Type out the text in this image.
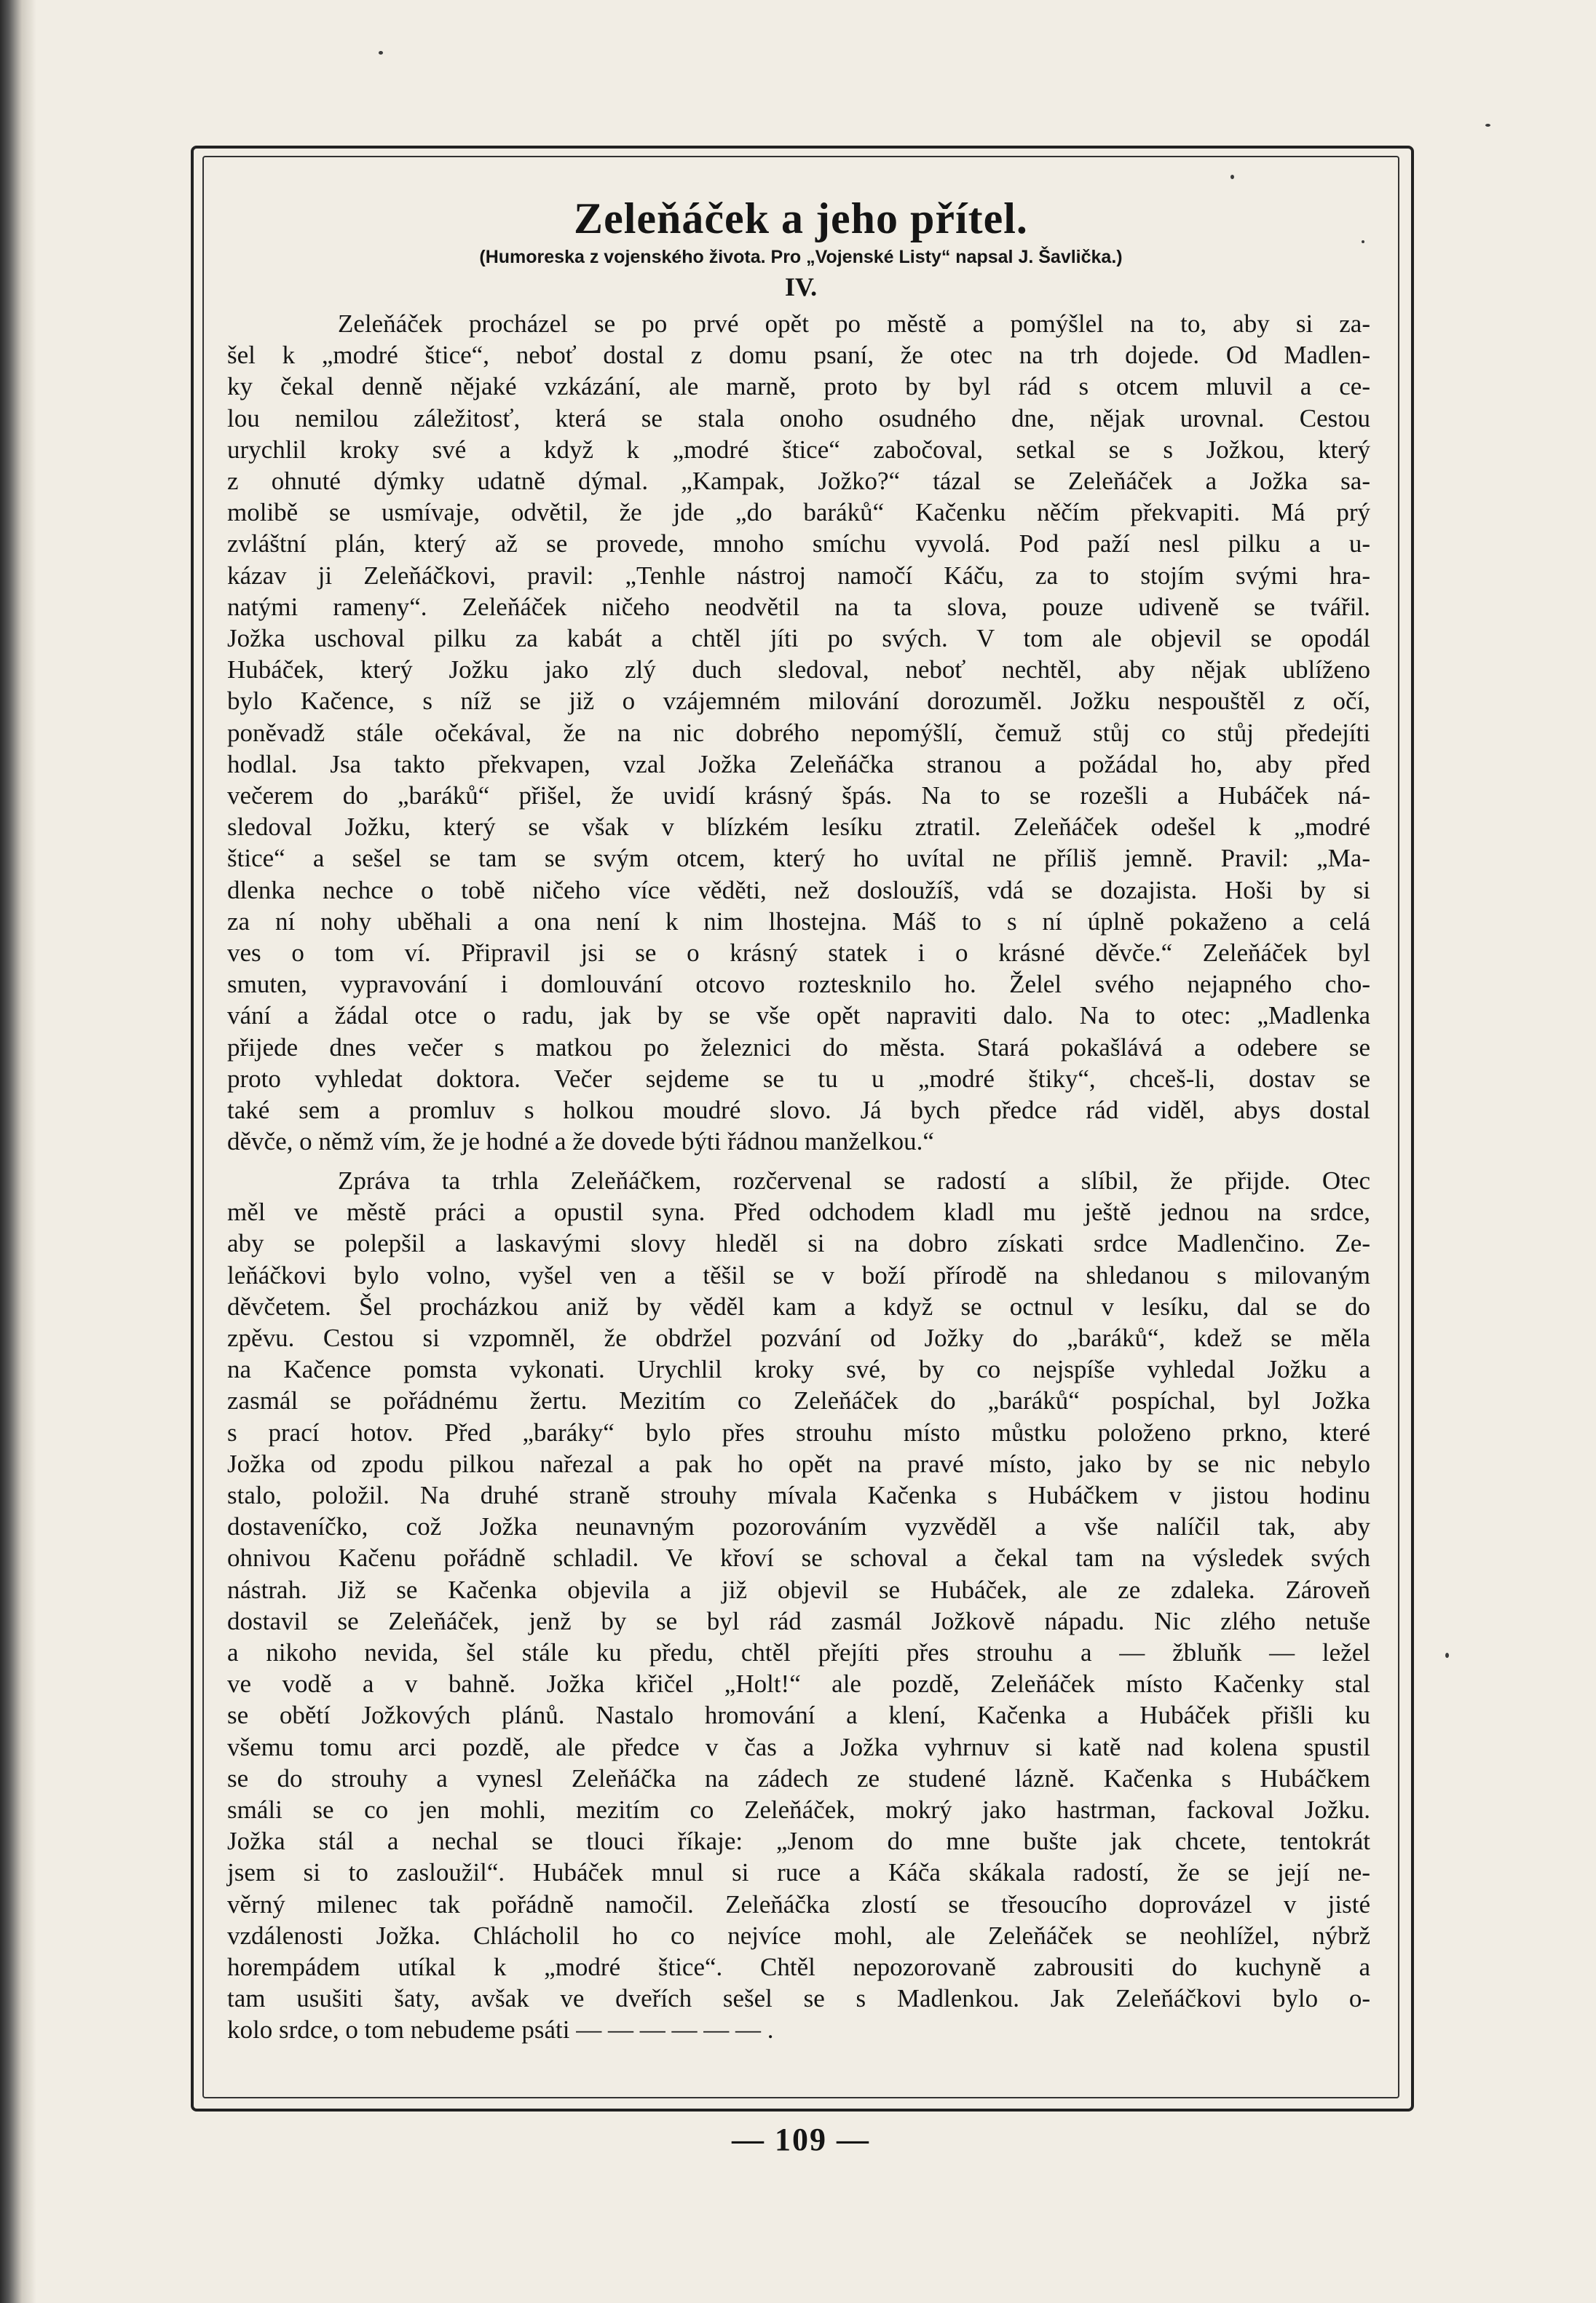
Zeleňáček a jeho přítel.
(Humoreska z vojenského života. Pro „Vojenské Listy“ napsal J. Šavlička.)
IV.
Zeleňáček procházel se po prvé opět po městě a pomýšlel na to, aby si za-
šel k „modré štice“, neboť dostal z domu psaní, že otec na trh dojede. Od Madlen-
ky čekal denně nějaké vzkázání, ale marně, proto by byl rád s otcem mluvil a ce-
lou nemilou záležitosť, která se stala onoho osudného dne, nějak urovnal. Cestou
urychlil kroky své a když k „modré štice“ zabočoval, setkal se s Jožkou, který
z ohnuté dýmky udatně dýmal. „Kampak, Jožko?“ tázal se Zeleňáček a Jožka sa-
molibě se usmívaje, odvětil, že jde „do baráků“ Kačenku něčím překvapiti. Má prý
zvláštní plán, který až se provede, mnoho smíchu vyvolá. Pod paží nesl pilku a u-
kázav ji Zeleňáčkovi, pravil: „Tenhle nástroj namočí Káču, za to stojím svými hra-
natými rameny“. Zeleňáček ničeho neodvětil na ta slova, pouze udiveně se tvářil.
Jožka uschoval pilku za kabát a chtěl jíti po svých. V tom ale objevil se opodál
Hubáček, který Jožku jako zlý duch sledoval, neboť nechtěl, aby nějak ublíženo
bylo Kačence, s níž se již o vzájemném milování dorozuměl. Jožku nespouštěl z očí,
poněvadž stále očekával, že na nic dobrého nepomýšlí, čemuž stůj co stůj předejíti
hodlal. Jsa takto překvapen, vzal Jožka Zeleňáčka stranou a požádal ho, aby před
večerem do „baráků“ přišel, že uvidí krásný špás. Na to se rozešli a Hubáček ná-
sledoval Jožku, který se však v blízkém lesíku ztratil. Zeleňáček odešel k „modré
štice“ a sešel se tam se svým otcem, který ho uvítal ne příliš jemně. Pravil: „Ma-
dlenka nechce o tobě ničeho více věděti, než dosloužíš, vdá se dozajista. Hoši by si
za ní nohy uběhali a ona není k nim lhostejna. Máš to s ní úplně pokaženo a celá
ves o tom ví. Připravil jsi se o krásný statek i o krásné děvče.“ Zeleňáček byl
smuten, vypravování i domlouvání otcovo roztesknilo ho. Želel svého nejapného cho-
vání a žádal otce o radu, jak by se vše opět napraviti dalo. Na to otec: „Madlenka
přijede dnes večer s matkou po železnici do města. Stará pokašlává a odebere se
proto vyhledat doktora. Večer sejdeme se tu u „modré štiky“, chceš-li, dostav se
také sem a promluv s holkou moudré slovo. Já bych předce rád viděl, abys dostal
děvče, o němž vím, že je hodné a že dovede býti řádnou manželkou.“
Zpráva ta trhla Zeleňáčkem, rozčervenal se radostí a slíbil, že přijde. Otec
měl ve městě práci a opustil syna. Před odchodem kladl mu ještě jednou na srdce,
aby se polepšil a laskavými slovy hleděl si na dobro získati srdce Madlenčino. Ze-
leňáčkovi bylo volno, vyšel ven a těšil se v boží přírodě na shledanou s milovaným
děvčetem. Šel procházkou aniž by věděl kam a když se octnul v lesíku, dal se do
zpěvu. Cestou si vzpomněl, že obdržel pozvání od Jožky do „baráků“, kdež se měla
na Kačence pomsta vykonati. Urychlil kroky své, by co nejspíše vyhledal Jožku a
zasmál se pořádnému žertu. Mezitím co Zeleňáček do „baráků“ pospíchal, byl Jožka
s prací hotov. Před „baráky“ bylo přes strouhu místo můstku položeno prkno, které
Jožka od zpodu pilkou nařezal a pak ho opět na pravé místo, jako by se nic nebylo
stalo, položil. Na druhé straně strouhy mívala Kačenka s Hubáčkem v jistou hodinu
dostaveníčko, což Jožka neunavným pozorováním vyzvěděl a vše nalíčil tak, aby
ohnivou Kačenu pořádně schladil. Ve křoví se schoval a čekal tam na výsledek svých
nástrah. Již se Kačenka objevila a již objevil se Hubáček, ale ze zdaleka. Zároveň
dostavil se Zeleňáček, jenž by se byl rád zasmál Jožkově nápadu. Nic zlého netuše
a nikoho nevida, šel stále ku předu, chtěl přejíti přes strouhu a — žbluňk — ležel
ve vodě a v bahně. Jožka křičel „Holt!“ ale pozdě, Zeleňáček místo Kačenky stal
se obětí Jožkových plánů. Nastalo hromování a klení, Kačenka a Hubáček přišli ku
všemu tomu arci pozdě, ale předce v čas a Jožka vyhrnuv si katě nad kolena spustil
se do strouhy a vynesl Zeleňáčka na zádech ze studené lázně. Kačenka s Hubáčkem
smáli se co jen mohli, mezitím co Zeleňáček, mokrý jako hastrman, fackoval Jožku.
Jožka stál a nechal se tlouci říkaje: „Jenom do mne bušte jak chcete, tentokrát
jsem si to zasloužil“. Hubáček mnul si ruce a Káča skákala radostí, že se její ne-
věrný milenec tak pořádně namočil. Zeleňáčka zlostí se třesoucího doprovázel v jisté
vzdálenosti Jožka. Chlácholil ho co nejvíce mohl, ale Zeleňáček se neohlížel, nýbrž
horempádem utíkal k „modré štice“. Chtěl nepozorovaně zabrousiti do kuchyně a
tam usušiti šaty, avšak ve dveřích sešel se s Madlenkou. Jak Zeleňáčkovi bylo o-
kolo srdce, o tom nebudeme psáti — — — — — — .
— 109 —
